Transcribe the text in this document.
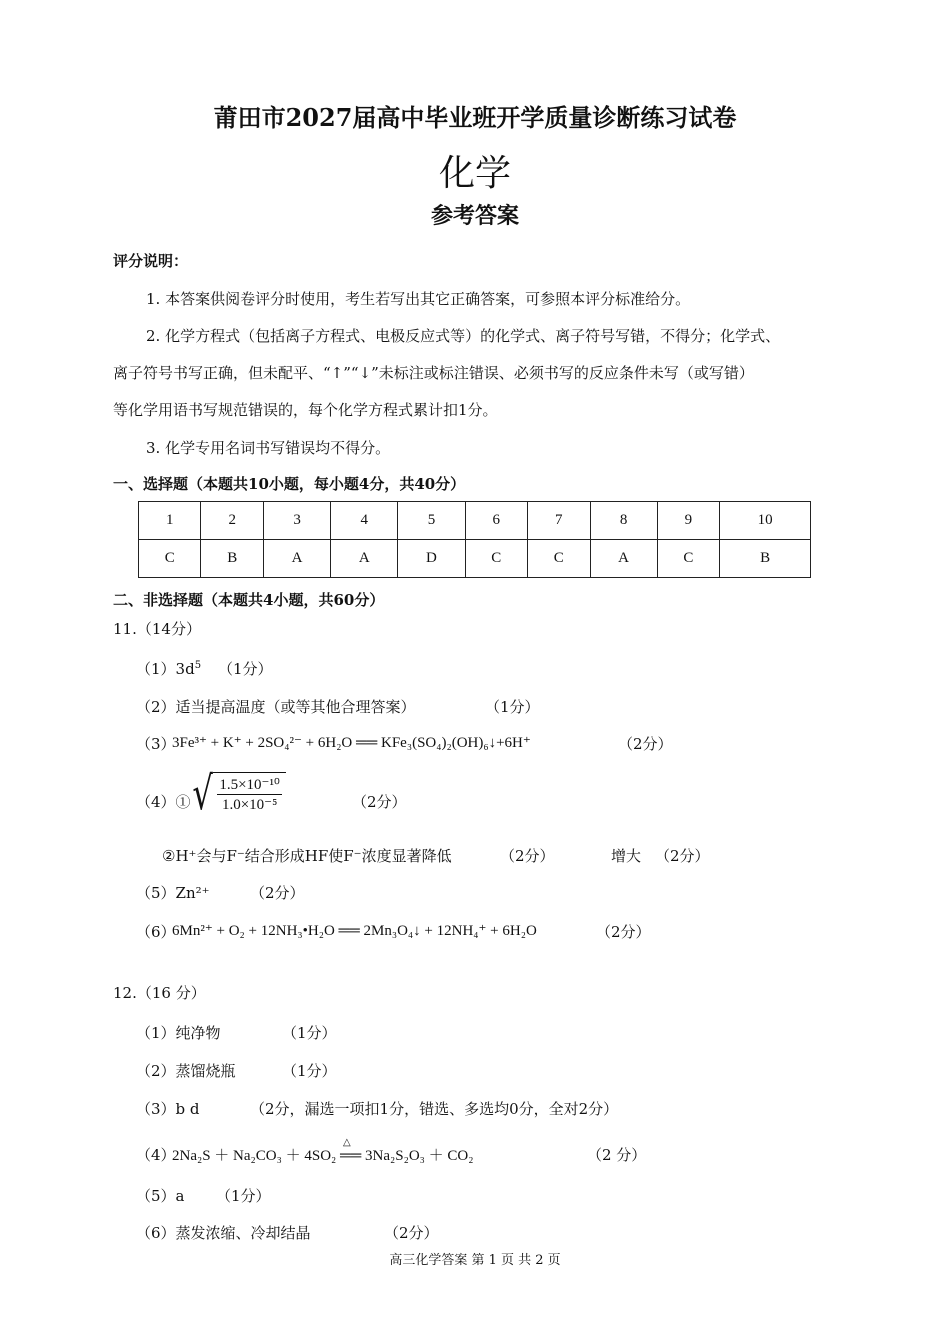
莆田市2027届高中毕业班开学质量诊断练习试卷
化学
参考答案
评分说明：
1. 本答案供阅卷评分时使用，考生若写出其它正确答案，可参照本评分标准给分。
2. 化学方程式（包括离子方程式、电极反应式等）的化学式、离子符号写错，不得分；化学式、
离子符号书写正确，但未配平、“↑”“↓”未标注或标注错误、必须书写的反应条件未写（或写错）
等化学用语书写规范错误的，每个化学方程式累计扣1分。
3. 化学专用名词书写错误均不得分。
一、选择题（本题共10小题，每小题4分，共40分）
1	2	3	4	5	6	7	8	9	10
C	B	A	A	D	C	C	A	C	B
二、非选择题（本题共4小题，共60分）
11.（14分）
$(1)3d^5$ （1分）
（2）适当提高温度（或等其他合理答案）	（1分）
（3）
3Fe³⁺ + K⁺ + 2SO₄²⁻ + 6H₂O ══ KFe₃(SO₄)₂(OH)₆↓+6H⁺	（2分）
（4）① √ 1.5×10⁻¹⁰
1.0×10⁻⁵	（2分）
②H⁺会与F⁻结合形成HF使F⁻浓度显著降低	（2分）	增大 （2分）
（5）Zn²⁺	（2分）
（6）
6Mn²⁺ + O₂ + 12NH₃•H₂O ══ 2Mn₃O₄↓ + 12NH₄⁺ + 6H₂O	（2分）
12.（16 分）
（1）纯净物	（1分）
（2）蒸馏烧瓶	（1分）
（3）b d	（2分，漏选一项扣1分，错选、多选均0分，全对2分）
（4）
2Na₂S ＋ Na₂CO₃ ＋ 4SO₂
△
══ 3Na₂S₂O₃ ＋ CO₂	（2 分）
（5）a （1分）
（6）蒸发浓缩、冷却结晶	（2分）
高三化学答案 第 1 页 共 2 页
